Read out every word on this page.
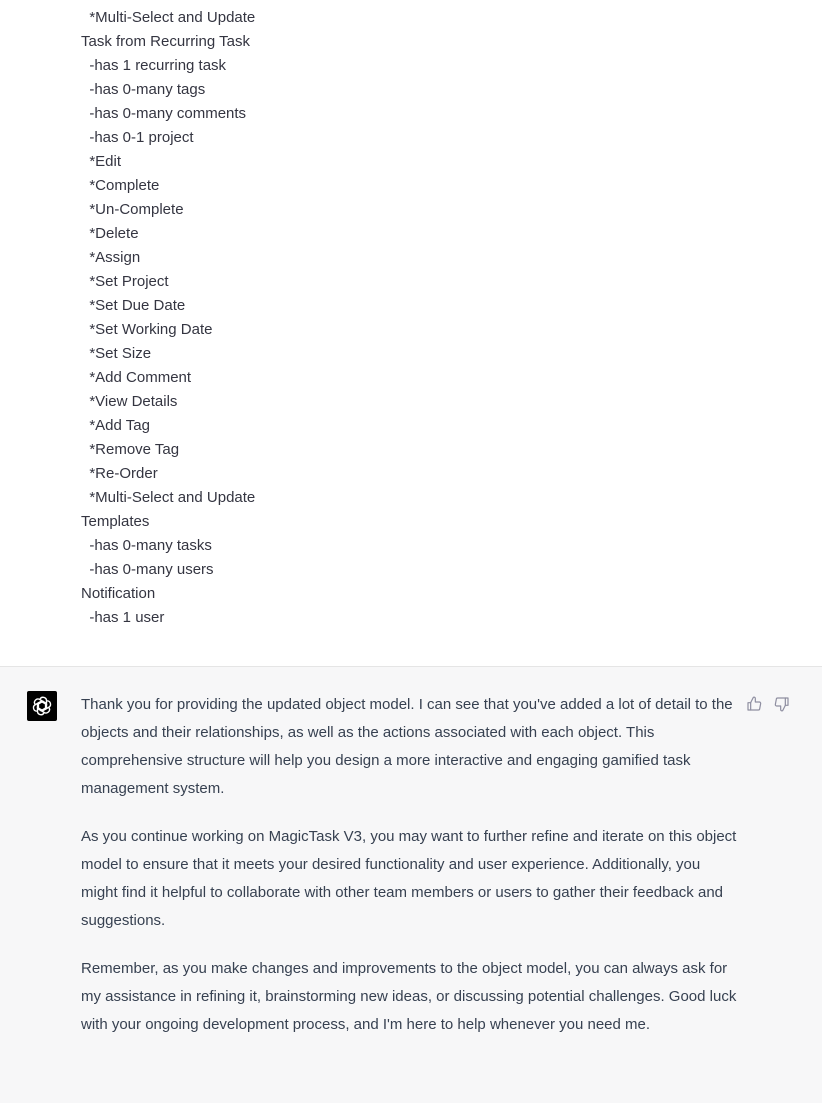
*Multi-Select and Update
Task from Recurring Task
-has 1 recurring task
-has 0-many tags
-has 0-many comments
-has 0-1 project
*Edit
*Complete
*Un-Complete
*Delete
*Assign
*Set Project
*Set Due Date
*Set Working Date
*Set Size
*Add Comment
*View Details
*Add Tag
*Remove Tag
*Re-Order
*Multi-Select and Update
Templates
-has 0-many tasks
-has 0-many users
Notification
-has 1 user

Thank you for providing the updated object model. I can see that you've added a lot of detail to the objects and their relationships, as well as the actions associated with each object. This comprehensive structure will help you design a more interactive and engaging gamified task management system.

As you continue working on MagicTask V3, you may want to further refine and iterate on this object model to ensure that it meets your desired functionality and user experience. Additionally, you might find it helpful to collaborate with other team members or users to gather their feedback and suggestions.

Remember, as you make changes and improvements to the object model, you can always ask for my assistance in refining it, brainstorming new ideas, or discussing potential challenges. Good luck with your ongoing development process, and I'm here to help whenever you need me.
